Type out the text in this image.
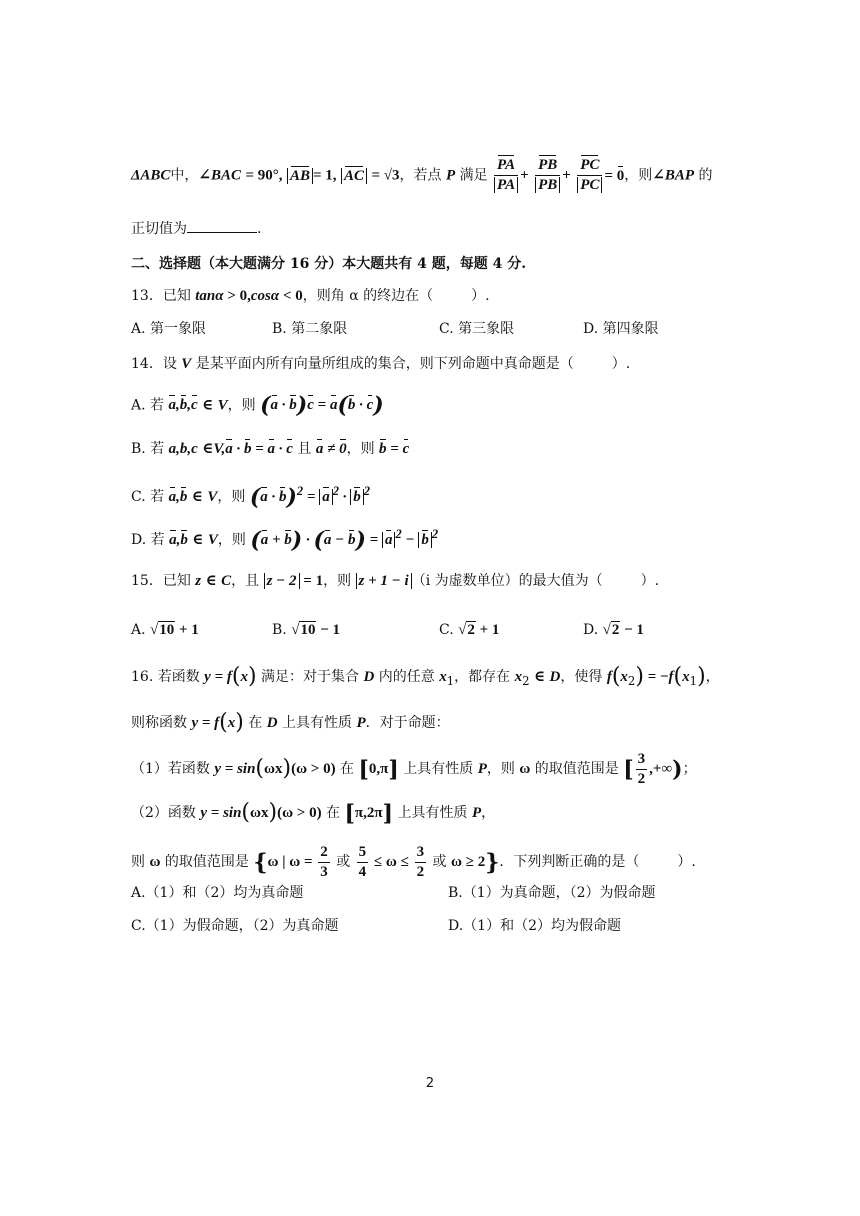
ΔABC中，∠BAC = 90°, AB = 1, AC = √3，若点 P 满足 $\frac{PA}{PA} + \frac{PB}{PB} + \frac{PC}{PC} = 0$，则∠BAP 的
正切值为	.
二、选择题（本大题满分 16 分）本大题共有 4 题，每题 4 分.
13．已知 tanα > 0,cosα < 0，则角 α 的终边在（	）.
A. 第一象限	B. 第二象限	C. 第三象限	D. 第四象限
14．设 V 是某平面内所有向量所组成的集合，则下列命题中真命题是（	）.
A. 若 a,b,c ∈ V，则 (a · b)c = a(b · c)
B. 若 a,b,c ∈V,a · b = a · c 且 a ≠ 0，则 b = c
C. 若 a,b ∈ V，则 $(a \cdot b)^2 = a$ $^2$ · b $^2$
D. 若 a,b ∈ V，则 (a + b) · (a − b) = a $^2$ − b $^2$
15．已知 z ∈ C，且 z − 2 = 1，则 z + 1 − i （i 为虚数单位）的最大值为（	）.
A. √10 + 1	B. √10 − 1	C. √2 + 1	D. √2 − 1
16. 若函数 y = f(x) 满足：对于集合 D 内的任意 $x_1$，都存在 $x_2$ ∈ D，使得 $f(x_2) = -f(x_1)$，
则称函数 y = f(x) 在 D 上具有性质 P．对于命题：
（1）若函数 y = sin(ωx)(ω > 0) 在 [0,π] 上具有性质 P，则 ω 的取值范围是 [ $\frac{3}{2}$ ,+∞)；
（2）函数 y = sin(ωx)(ω > 0) 在 [π,2π] 上具有性质 P，
则 ω 的取值范围是 {ω | $\omega = \frac{2}{3}$ 或 $\frac{5}{4} \le \omega \le \frac{3}{2}$ 或 ω ≥ 2}．下列判断正确的是（	）.
A.（1）和（2）均为真命题	B.（1）为真命题，（2）为假命题
C.（1）为假命题，（2）为真命题	D.（1）和（2）均为假命题
2
